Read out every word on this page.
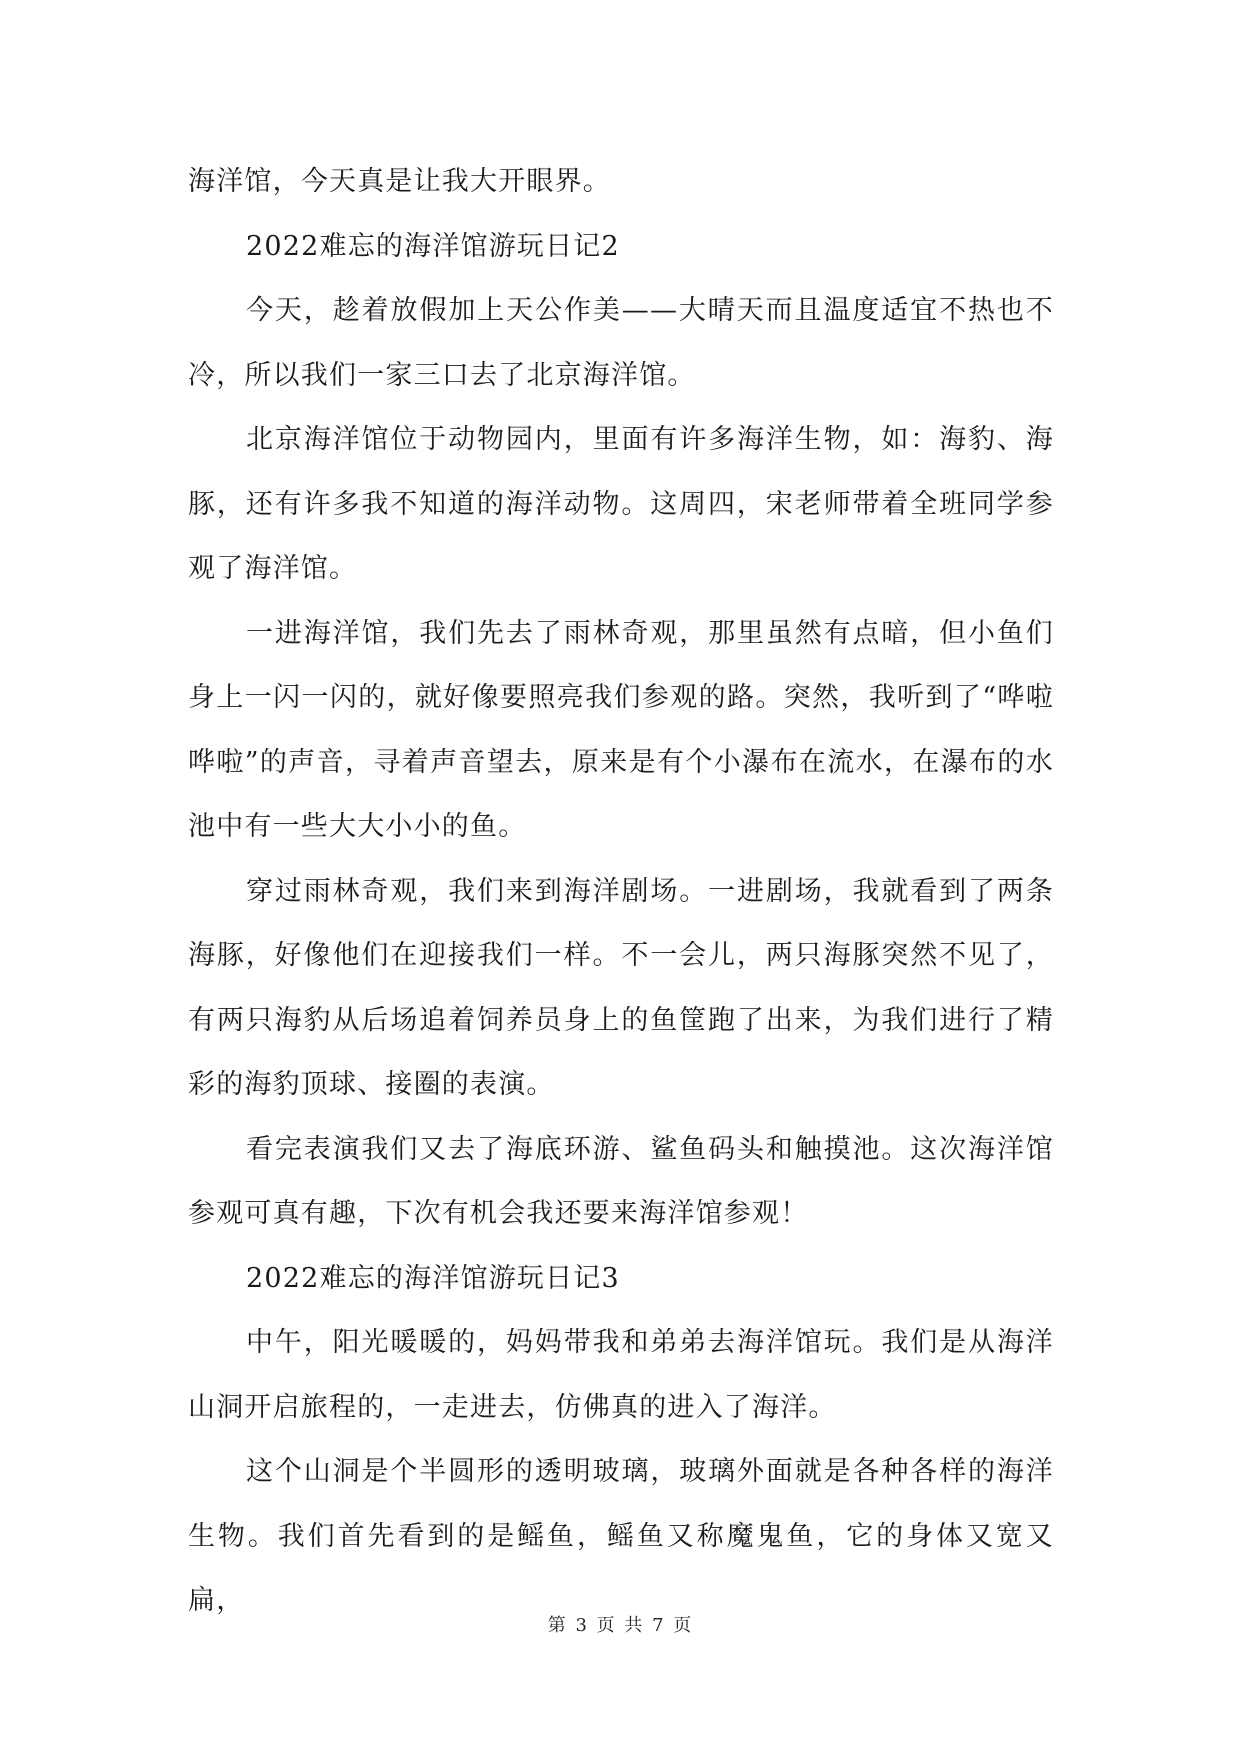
海洋馆，今天真是让我大开眼界。

2022难忘的海洋馆游玩日记2

今天，趁着放假加上天公作美——大晴天而且温度适宜不热也不冷，所以我们一家三口去了北京海洋馆。

北京海洋馆位于动物园内，里面有许多海洋生物，如：海豹、海豚，还有许多我不知道的海洋动物。这周四，宋老师带着全班同学参观了海洋馆。

一进海洋馆，我们先去了雨林奇观，那里虽然有点暗，但小鱼们身上一闪一闪的，就好像要照亮我们参观的路。突然，我听到了“哗啦哗啦”的声音，寻着声音望去，原来是有个小瀑布在流水，在瀑布的水池中有一些大大小小的鱼。

穿过雨林奇观，我们来到海洋剧场。一进剧场，我就看到了两条海豚，好像他们在迎接我们一样。不一会儿，两只海豚突然不见了，有两只海豹从后场追着饲养员身上的鱼筐跑了出来，为我们进行了精彩的海豹顶球、接圈的表演。

看完表演我们又去了海底环游、鲨鱼码头和触摸池。这次海洋馆参观可真有趣，下次有机会我还要来海洋馆参观！

2022难忘的海洋馆游玩日记3

中午，阳光暖暖的，妈妈带我和弟弟去海洋馆玩。我们是从海洋山洞开启旅程的，一走进去，仿佛真的进入了海洋。

这个山洞是个半圆形的透明玻璃，玻璃外面就是各种各样的海洋生物。我们首先看到的是鳐鱼，鳐鱼又称魔鬼鱼，它的身体又宽又扁，

第 3 页 共 7 页
